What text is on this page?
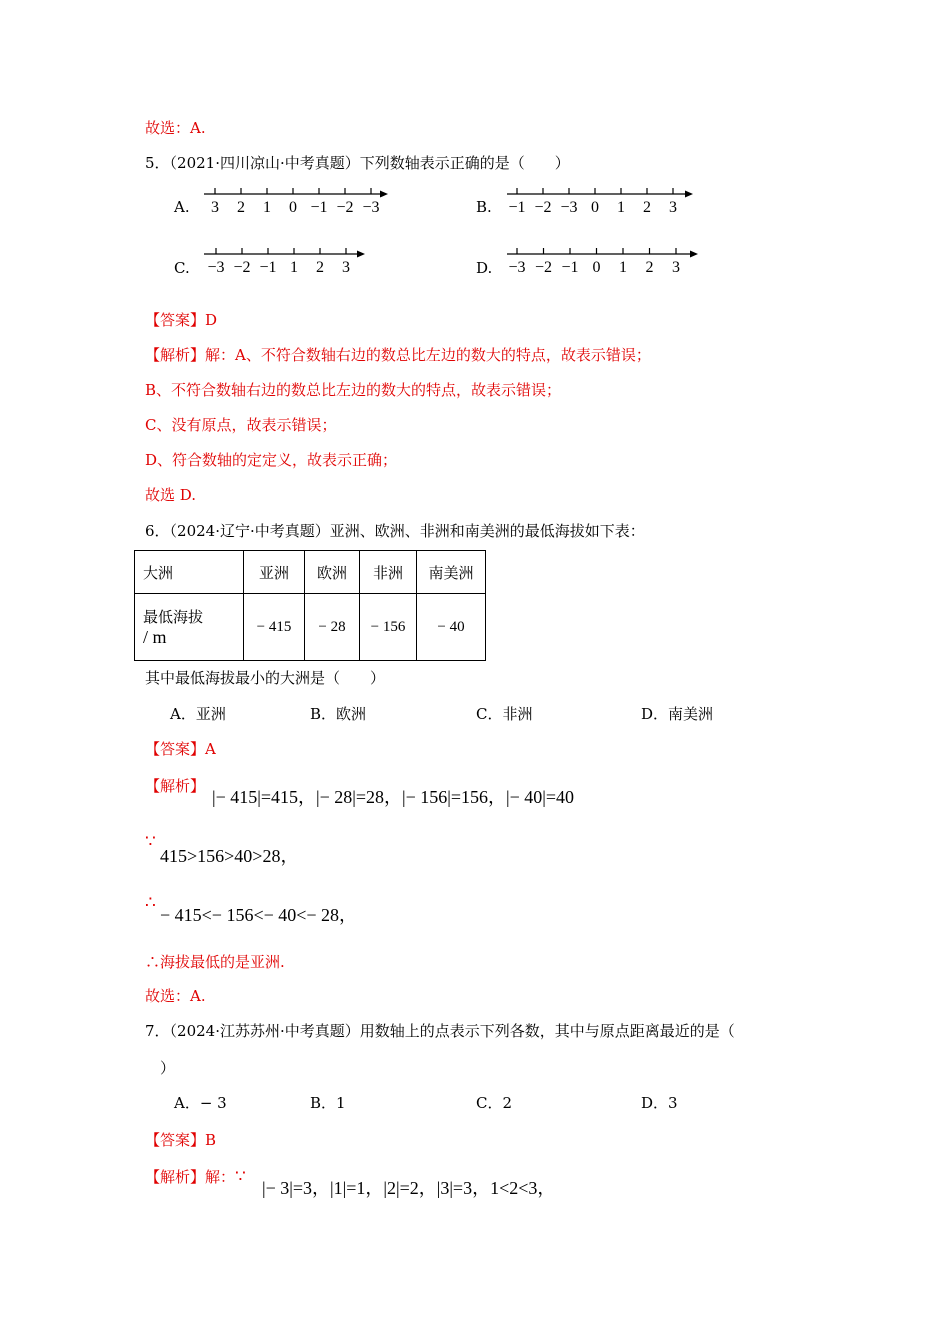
故选：A.
5．（2021·四川凉山·中考真题）下列数轴表示正确的是（　　）
A. 3 2 1 0 −1 −2 −3	B. −1 −2 −3 0 1 2 3
C. −3 −2 −1 1 2 3	D. −3 −2 −1 0 1 2 3
【答案】D
【解析】解：A、不符合数轴右边的数总比左边的数大的特点，故表示错误；
B、不符合数轴右边的数总比左边的数大的特点，故表示错误；
C、没有原点，故表示错误；
D、符合数轴的定定义，故表示正确；
故选 D.
6．（2024·辽宁·中考真题）亚洲、欧洲、非洲和南美洲的最低海拔如下表：
大洲	亚洲	欧洲	非洲	南美洲

最低海拔
/ m	− 415	− 28	− 156	− 40
其中最低海拔最小的大洲是（　　）
A．亚洲	B．欧洲	C．非洲	D．南美洲
【答案】A
【解析】
|− 415|=415，|− 28|=28，|− 156|=156，|− 40|=40
∵
415>156>40>28，
∴
− 415<− 156<− 40<− 28，
∴海拔最低的是亚洲.
故选：A.
7．（2024·江苏苏州·中考真题）用数轴上的点表示下列各数，其中与原点距离最近的是（
）
A．− 3	B．1	C．2	D．3
【答案】B
【解析】解：∵
|− 3|=3，|1|=1，|2|=2，|3|=3，1<2<3，
